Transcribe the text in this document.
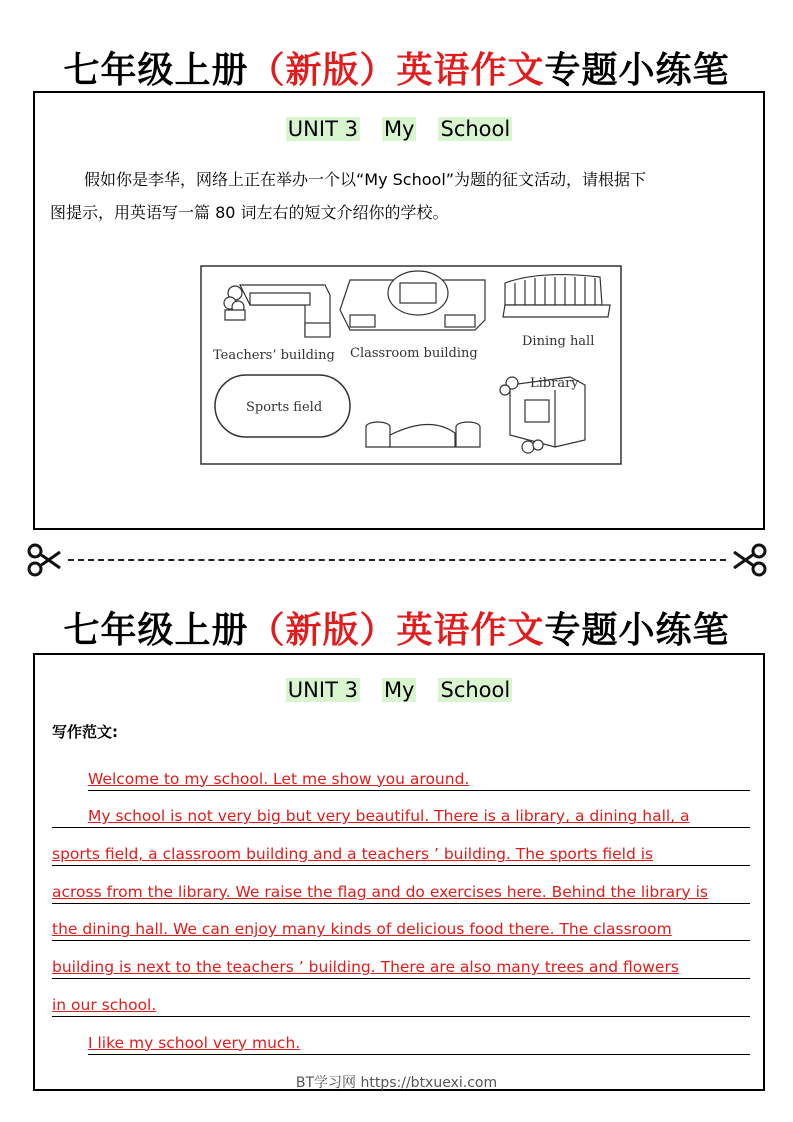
七年级上册（新版）英语作文专题小练笔
UNIT 3 My School

假如你是李华，网络上正在举办一个以“My School”为题的征文活动，请根据下

图提示，用英语写一篇 80 词左右的短文介绍你的学校。

Teachers’ building Classroom building
Dining hall
Sports field
Library
七年级上册（新版）英语作文专题小练笔
UNIT 3 My School
写作范文:
Welcome to my school. Let me show you around.
My school is not very big but very beautiful. There is a library, a dining hall, a
sports field, a classroom building and a teachers ’ building. The sports field is
across from the library. We raise the flag and do exercises here. Behind the library is
the dining hall. We can enjoy many kinds of delicious food there. The classroom
building is next to the teachers ’ building. There are also many trees and flowers
in our school.
I like my school very much.
BT学习网 https://btxuexi.com
